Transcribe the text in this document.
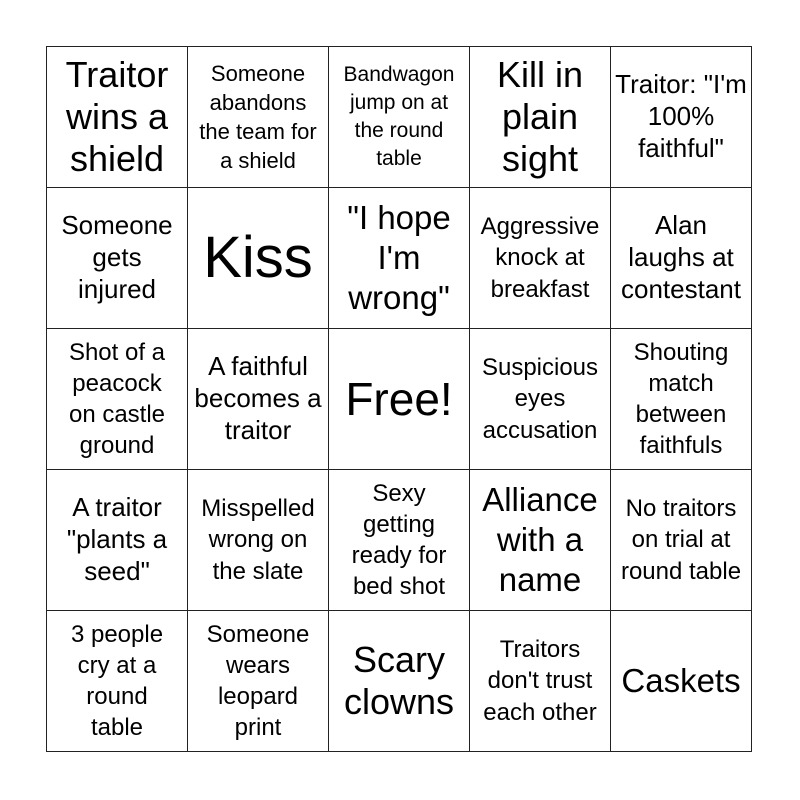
Traitor wins a shield
Someone abandons the team for a shield
Bandwagon jump on at the round table
Kill in plain sight
Traitor: "I'm 100% faithful"
Someone gets injured Kiss
"I hope I'm wrong"
Aggressive knock at breakfast
Alan laughs at contestant
Shot of a peacock on castle ground
A faithful becomes a traitor
Free!
Suspicious eyes accusation
Shouting match between faithfuls
A traitor "plants a seed"
Misspelled wrong on the slate
Sexy getting ready for bed shot
Alliance with a name
No traitors on trial at round table
3 people cry at a round table
Someone wears leopard print
Scary clowns
Traitors don't trust each other
Caskets
